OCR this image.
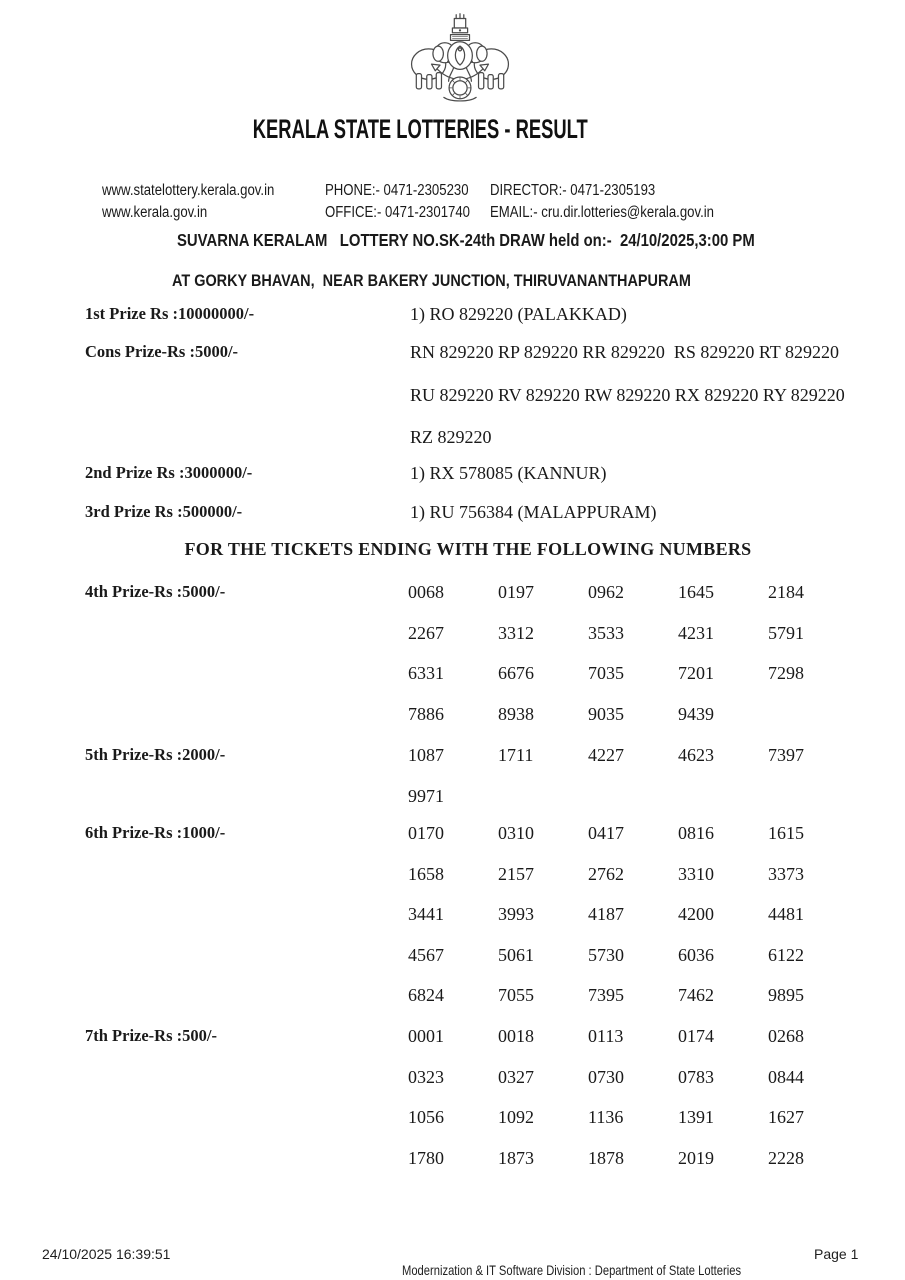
KERALA STATE LOTTERIES - RESULT

www.statelottery.kerala.gov.in
	PHONE:- 0471-2305230
	DIRECTOR:- 0471-2305193

www.kerala.gov.in
	OFFICE:- 0471-2301740
	EMAIL:- cru.dir.lotteries@kerala.gov.in

SUVARNA KERALAM   LOTTERY NO.SK-24th DRAW held on:-  24/10/2025,3:00 PM

AT GORKY BHAVAN,  NEAR BAKERY JUNCTION, THIRUVANANTHAPURAM

1st Prize Rs :10000000/-	1) RO 829220 (PALAKKAD)
Cons Prize-Rs :5000/-	RN 829220 RP 829220 RR 829220  RS 829220 RT 829220
RU 829220 RV 829220 RW 829220 RX 829220 RY 829220
RZ 829220
2nd Prize Rs :3000000/-	1) RX 578085 (KANNUR)
3rd Prize Rs :500000/-	1) RU 756384 (MALAPPURAM)
FOR THE TICKETS ENDING WITH THE FOLLOWING NUMBERS
4th Prize-Rs :5000/-	0068	0197	0962	1645	2184
2267	3312	3533	4231	5791
6331	6676	7035	7201	7298
7886	8938	9035	9439
5th Prize-Rs :2000/-	1087	1711	4227	4623	7397
9971
6th Prize-Rs :1000/-	0170	0310	0417	0816	1615
1658	2157	2762	3310	3373
3441	3993	4187	4200	4481
4567	5061	5730	6036	6122
6824	7055	7395	7462	9895
7th Prize-Rs :500/-	0001	0018	0113	0174	0268
0323	0327	0730	0783	0844
1056	1092	1136	1391	1627
1780	1873	1878	2019	2228
24/10/2025 16:39:51

Modernization & IT Software Division : Department of State Lotteries

Page 1
